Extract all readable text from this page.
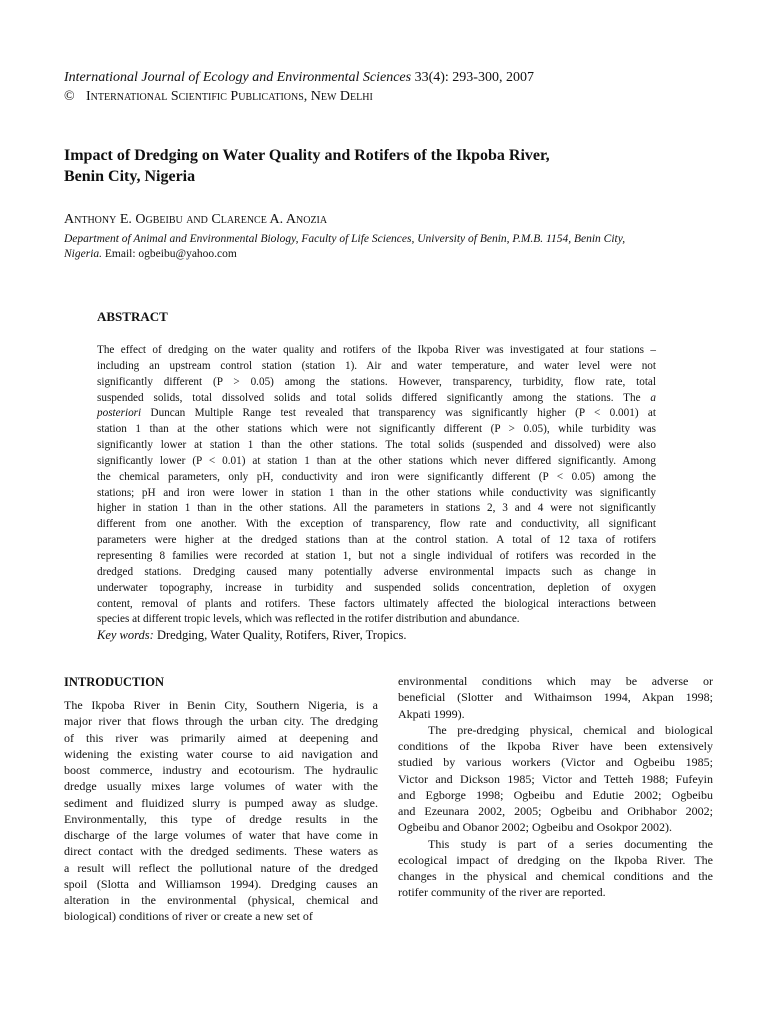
International Journal of Ecology and Environmental Sciences 33(4): 293-300, 2007
© International Scientific Publications, New Delhi
Impact of Dredging on Water Quality and Rotifers of the Ikpoba River,
Benin City, Nigeria
Anthony E. Ogbeibu and Clarence A. Anozia
Department of Animal and Environmental Biology, Faculty of Life Sciences, University of Benin, P.M.B. 1154, Benin City,
Nigeria. Email: ogbeibu@yahoo.com
ABSTRACT
The effect of dredging on the water quality and rotifers of the Ikpoba River was investigated at four stations –
including an upstream control station (station 1). Air and water temperature, and water level were not
significantly different (P > 0.05) among the stations. However, transparency, turbidity, flow rate, total
suspended solids, total dissolved solids and total solids differed significantly among the stations. The a
posteriori Duncan Multiple Range test revealed that transparency was significantly higher (P < 0.001) at
station 1 than at the other stations which were not significantly different (P > 0.05), while turbidity was
significantly lower at station 1 than the other stations. The total solids (suspended and dissolved) were also
significantly lower (P < 0.01) at station 1 than at the other stations which never differed significantly. Among
the chemical parameters, only pH, conductivity and iron were significantly different (P < 0.05) among the
stations; pH and iron were lower in station 1 than in the other stations while conductivity was significantly
higher in station 1 than in the other stations. All the parameters in stations 2, 3 and 4 were not significantly
different from one another. With the exception of transparency, flow rate and conductivity, all significant
parameters were higher at the dredged stations than at the control station. A total of 12 taxa of rotifers
representing 8 families were recorded at station 1, but not a single individual of rotifers was recorded in the
dredged stations. Dredging caused many potentially adverse environmental impacts such as change in
underwater topography, increase in turbidity and suspended solids concentration, depletion of oxygen
content, removal of plants and rotifers. These factors ultimately affected the biological interactions between
species at different tropic levels, which was reflected in the rotifer distribution and abundance.
Key words: Dredging, Water Quality, Rotifers, River, Tropics.
INTRODUCTION
The Ikpoba River in Benin City, Southern Nigeria, is a
major river that flows through the urban city. The dredging
of this river was primarily aimed at deepening and
widening the existing water course to aid navigation and
boost commerce, industry and ecotourism. The hydraulic
dredge usually mixes large volumes of water with the
sediment and fluidized slurry is pumped away as sludge.
Environmentally, this type of dredge results in the
discharge of the large volumes of water that have come in
direct contact with the dredged sediments. These waters as
a result will reflect the pollutional nature of the dredged
spoil (Slotta and Williamson 1994). Dredging causes an
alteration in the environmental (physical, chemical and
biological) conditions of river or create a new set of
environmental conditions which may be adverse or
beneficial (Slotter and Withaimson 1994, Akpan 1998;
Akpati 1999).
The pre-dredging physical, chemical and biological
conditions of the Ikpoba River have been extensively
studied by various workers (Victor and Ogbeibu 1985;
Victor and Dickson 1985; Victor and Tetteh 1988; Fufeyin
and Egborge 1998; Ogbeibu and Edutie 2002; Ogbeibu
and Ezeunara 2002, 2005; Ogbeibu and Oribhabor 2002;
Ogbeibu and Obanor 2002; Ogbeibu and Osokpor 2002).
This study is part of a series documenting the
ecological impact of dredging on the Ikpoba River. The
changes in the physical and chemical conditions and the
rotifer community of the river are reported.
